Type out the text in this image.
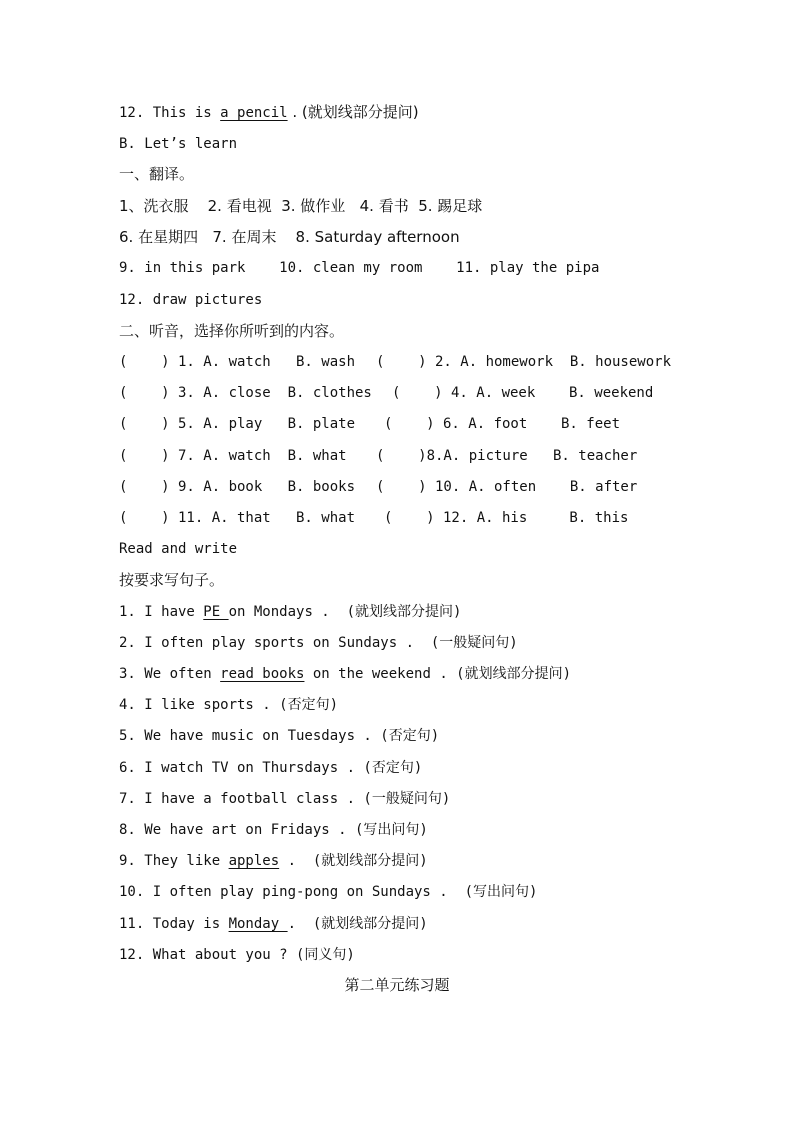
12. This is a pencil . (就划线部分提问)
B. Let’s learn
一、翻译。
1、洗衣服    2. 看电视  3. 做作业   4. 看书  5. 踢足球
6. 在星期四   7. 在周末    8. Saturday afternoon
9. in this park    10. clean my room    11. play the pipa
12. draw pictures
二、听音，选择你所听到的内容。
(    ) 1. A. watch   B. wash (    ) 2. A. homework  B. housework
(    ) 3. A. close  B. clothes (    ) 4. A. week    B. weekend
(    ) 5. A. play   B. plate (    ) 6. A. foot    B. feet
(    ) 7. A. watch  B. what (    )8.A. picture   B. teacher
(    ) 9. A. book   B. books (    ) 10. A. often    B. after
(    ) 11. A. that   B. what (    ) 12. A. his     B. this
Read and write
按要求写句子。
1. I have PE on Mondays .  (就划线部分提问)
2. I often play sports on Sundays .  (一般疑问句)
3. We often read books on the weekend . (就划线部分提问)
4. I like sports . (否定句)
5. We have music on Tuesdays . (否定句)
6. I watch TV on Thursdays . (否定句)
7. I have a football class . (一般疑问句)
8. We have art on Fridays . (写出问句)
9. They like apples .  (就划线部分提问)
10. I often play ping-pong on Sundays .  (写出问句)
11. Today is Monday .  (就划线部分提问)
12. What about you ? (同义句)
第二单元练习题
